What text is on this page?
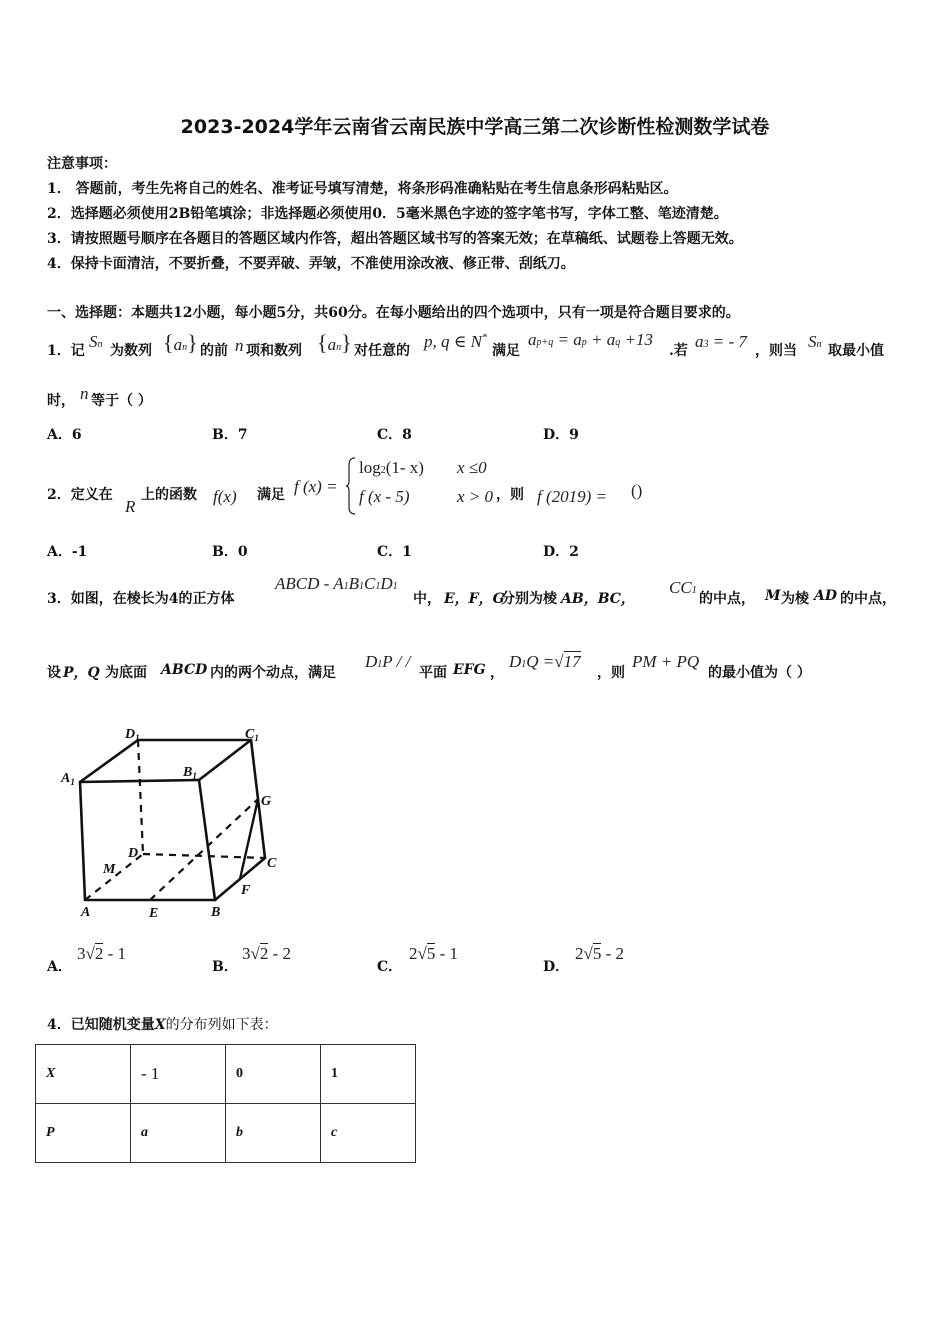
2023-2024学年云南省云南民族中学高三第二次诊断性检测数学试卷
注意事项：
1． 答题前，考生先将自己的姓名、准考证号填写清楚，将条形码准确粘贴在考生信息条形码粘贴区。
2．选择题必须使用2B铅笔填涂；非选择题必须使用0．5毫米黑色字迹的签字笔书写，字体工整、笔迹清楚。
3．请按照题号顺序在各题目的答题区域内作答，超出答题区域书写的答案无效；在草稿纸、试题卷上答题无效。
4．保持卡面清洁，不要折叠，不要弄破、弄皱，不准使用涂改液、修正带、刮纸刀。
一、选择题：本题共12小题，每小题5分，共60分。在每小题给出的四个选项中，只有一项是符合题目要求的。
1．记 Sn 为数列 {an} 的前 n 项和数列 {an} 对任意的 p, q ∈ N*
满足
ap+q = ap + aq +13
.若 a3 = - 7 ，则当 Sn 取最小值
时， n 等于（ ）
A．6	B．7	C．8	D．9
2．定义在
R
上的函数 f(x) 满足 f (x) =
log2(1- x) x ≤0
f (x - 5)	x > 0 ，则 f (2019) = ()
A．-1	B．0	C．1	D．2
3．如图，在棱长为4的正方体
ABCD - A1B1C1D1
中， E，F，G
分别为棱 AB，BC，
CC1
的中点， M 为棱 AD 的中点，
设 P，Q 为底面 ABCD 内的两个动点，满足
D1P / /
平面 EFG ，
D1Q =√17
，则
PM + PQ
的最小值为（ ）
$D_1$	$C_1$
$A_1$
$B_1$
G
D
C
M
F
A	E	B
A．
3√2 - 1
B．
3√2 - 2
C．
2√5 - 1
D．
2√5 - 2
4．已知随机变量X的分布列如下表：
X	- 1	0	1
P	a	b	c
